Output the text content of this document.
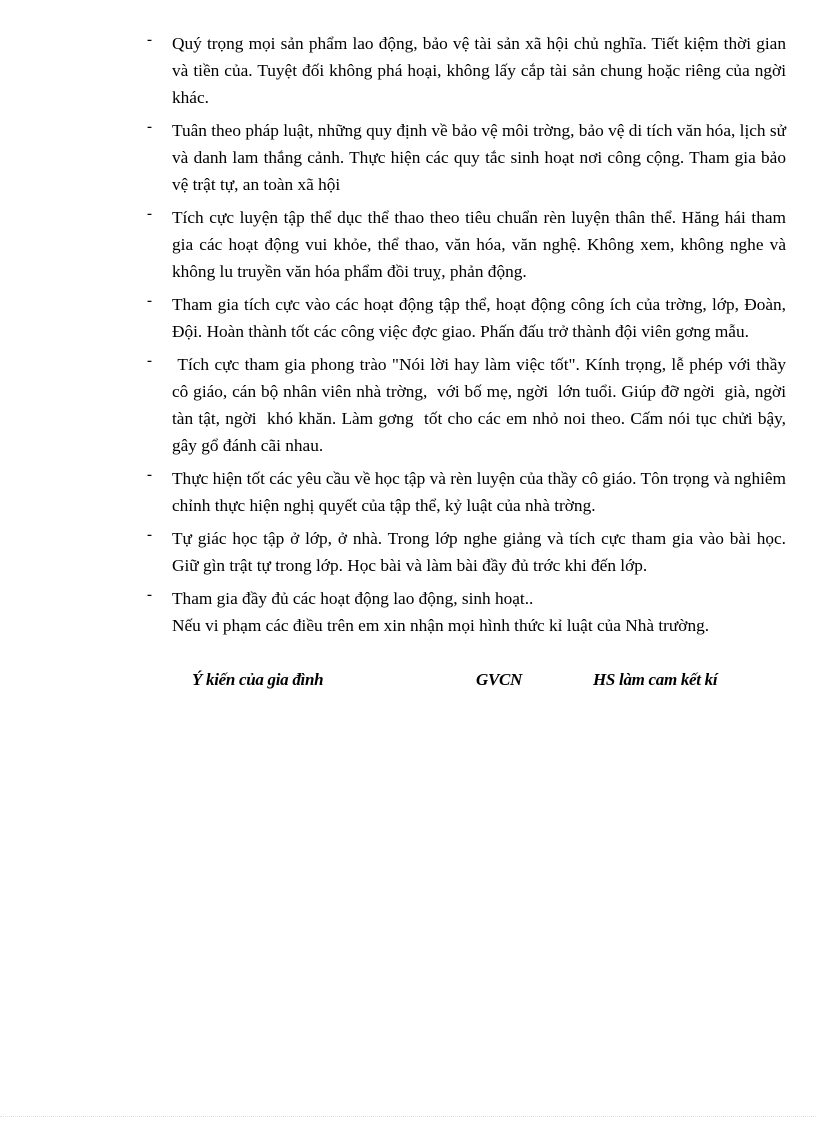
- Quý trọng mọi sản phẩm lao động, bảo vệ tài sản xã hội chủ nghĩa. Tiết kiệm thời gian và tiền của. Tuyệt đối không phá hoại, không lấy cắp tài sản chung hoặc riêng của ngời khác.
- Tuân theo pháp luật, những quy định về bảo vệ môi trờng, bảo vệ di tích văn hóa, lịch sử và danh lam thắng cảnh. Thực hiện các quy tắc sinh hoạt nơi công cộng. Tham gia bảo vệ trật tự, an toàn xã hội
- Tích cực luyện tập thể dục thể thao theo tiêu chuẩn rèn luyện thân thể. Hăng hái tham gia các hoạt động vui khỏe, thể thao, văn hóa, văn nghệ. Không xem, không nghe và không lu truyền văn hóa phẩm đồi truỵ, phản động.
- Tham gia tích cực vào các hoạt động tập thể, hoạt động công ích của trờng, lớp, Đoàn, Đội. Hoàn thành tốt các công việc đợc giao. Phấn đấu trở thành đội viên gơng mẫu.
- Tích cực tham gia phong trào "Nói lời hay làm việc tốt". Kính trọng, lễ phép với thầy cô giáo, cán bộ nhân viên nhà trờng,  với bố mẹ, ngời  lớn tuổi. Giúp đỡ ngời  già, ngời  tàn tật, ngời  khó khăn. Làm gơng  tốt cho các em nhỏ noi theo. Cấm nói tục chửi bậy, gây gổ đánh cãi nhau.
- Thực hiện tốt các yêu cầu về học tập và rèn luyện của thầy cô giáo. Tôn trọng và nghiêm chỉnh thực hiện nghị quyết của tập thể, kỷ luật của nhà trờng.
- Tự giác học tập ở lớp, ở nhà. Trong lớp nghe giảng và tích cực tham gia vào bài học. Giữ gìn trật tự trong lớp. Học bài và làm bài đầy đủ trớc khi đến lớp.
- Tham gia đầy đủ các hoạt động lao động, sinh hoạt..
Nếu vi phạm các điều trên em xin nhận mọi hình thức kỉ luật của Nhà trường.
Ý kiến của gia đình	GVCN	HS làm cam kết kí
